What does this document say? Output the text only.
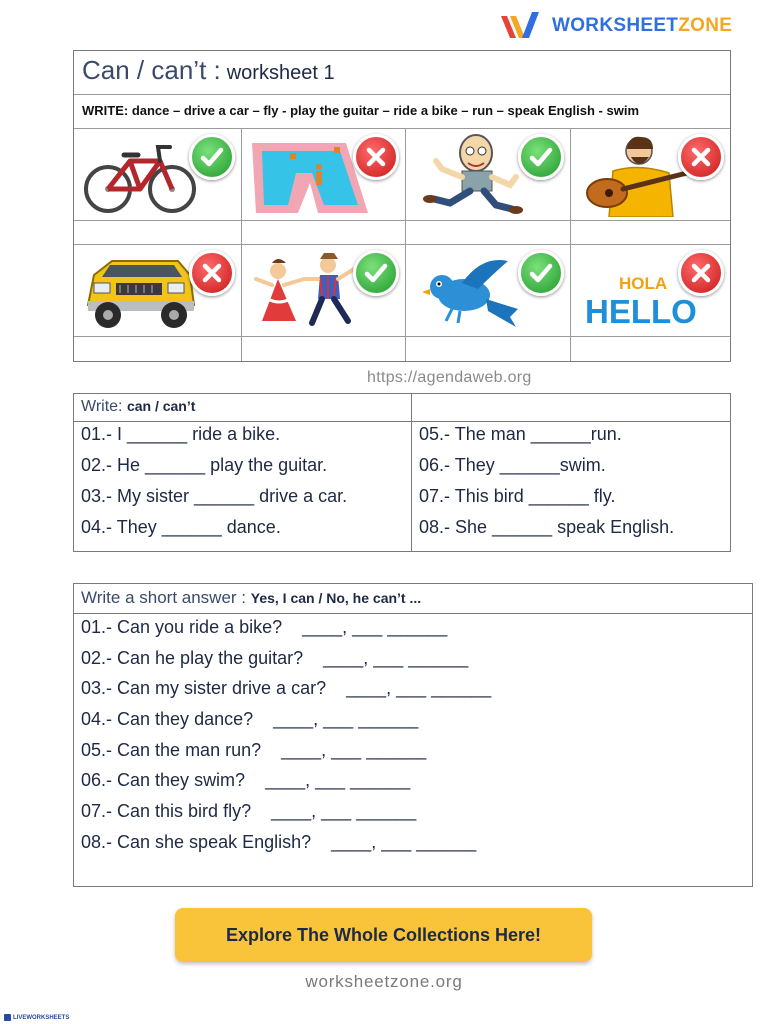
WORKSHEETZONE
Can / can’t : worksheet 1
WRITE: dance – drive a car – fly - play the guitar – ride a bike – run – speak English - swim
HOLA
HELLO
https://agendaweb.org
Write: can / can’t
01.- I ______ ride a bike.
02.- He ______ play the guitar.
03.- My sister ______ drive a car.
04.- They ______ dance.
05.- The man ______run.
06.- They ______swim.
07.- This bird ______ fly.
08.- She ______ speak English.
Write a short answer : Yes, I can / No, he can’t ...
01.- Can you ride a bike? ____, ___ ______
02.- Can he play the guitar? ____, ___ ______
03.- Can my sister drive a car? ____, ___ ______
04.- Can they dance? ____, ___ ______
05.- Can the man run? ____, ___ ______
06.- Can they swim? ____, ___ ______
07.- Can this bird fly? ____, ___ ______
08.- Can she speak English? ____, ___ ______
Explore The Whole Collections Here!
worksheetzone.org
LIVEWORKSHEETS
